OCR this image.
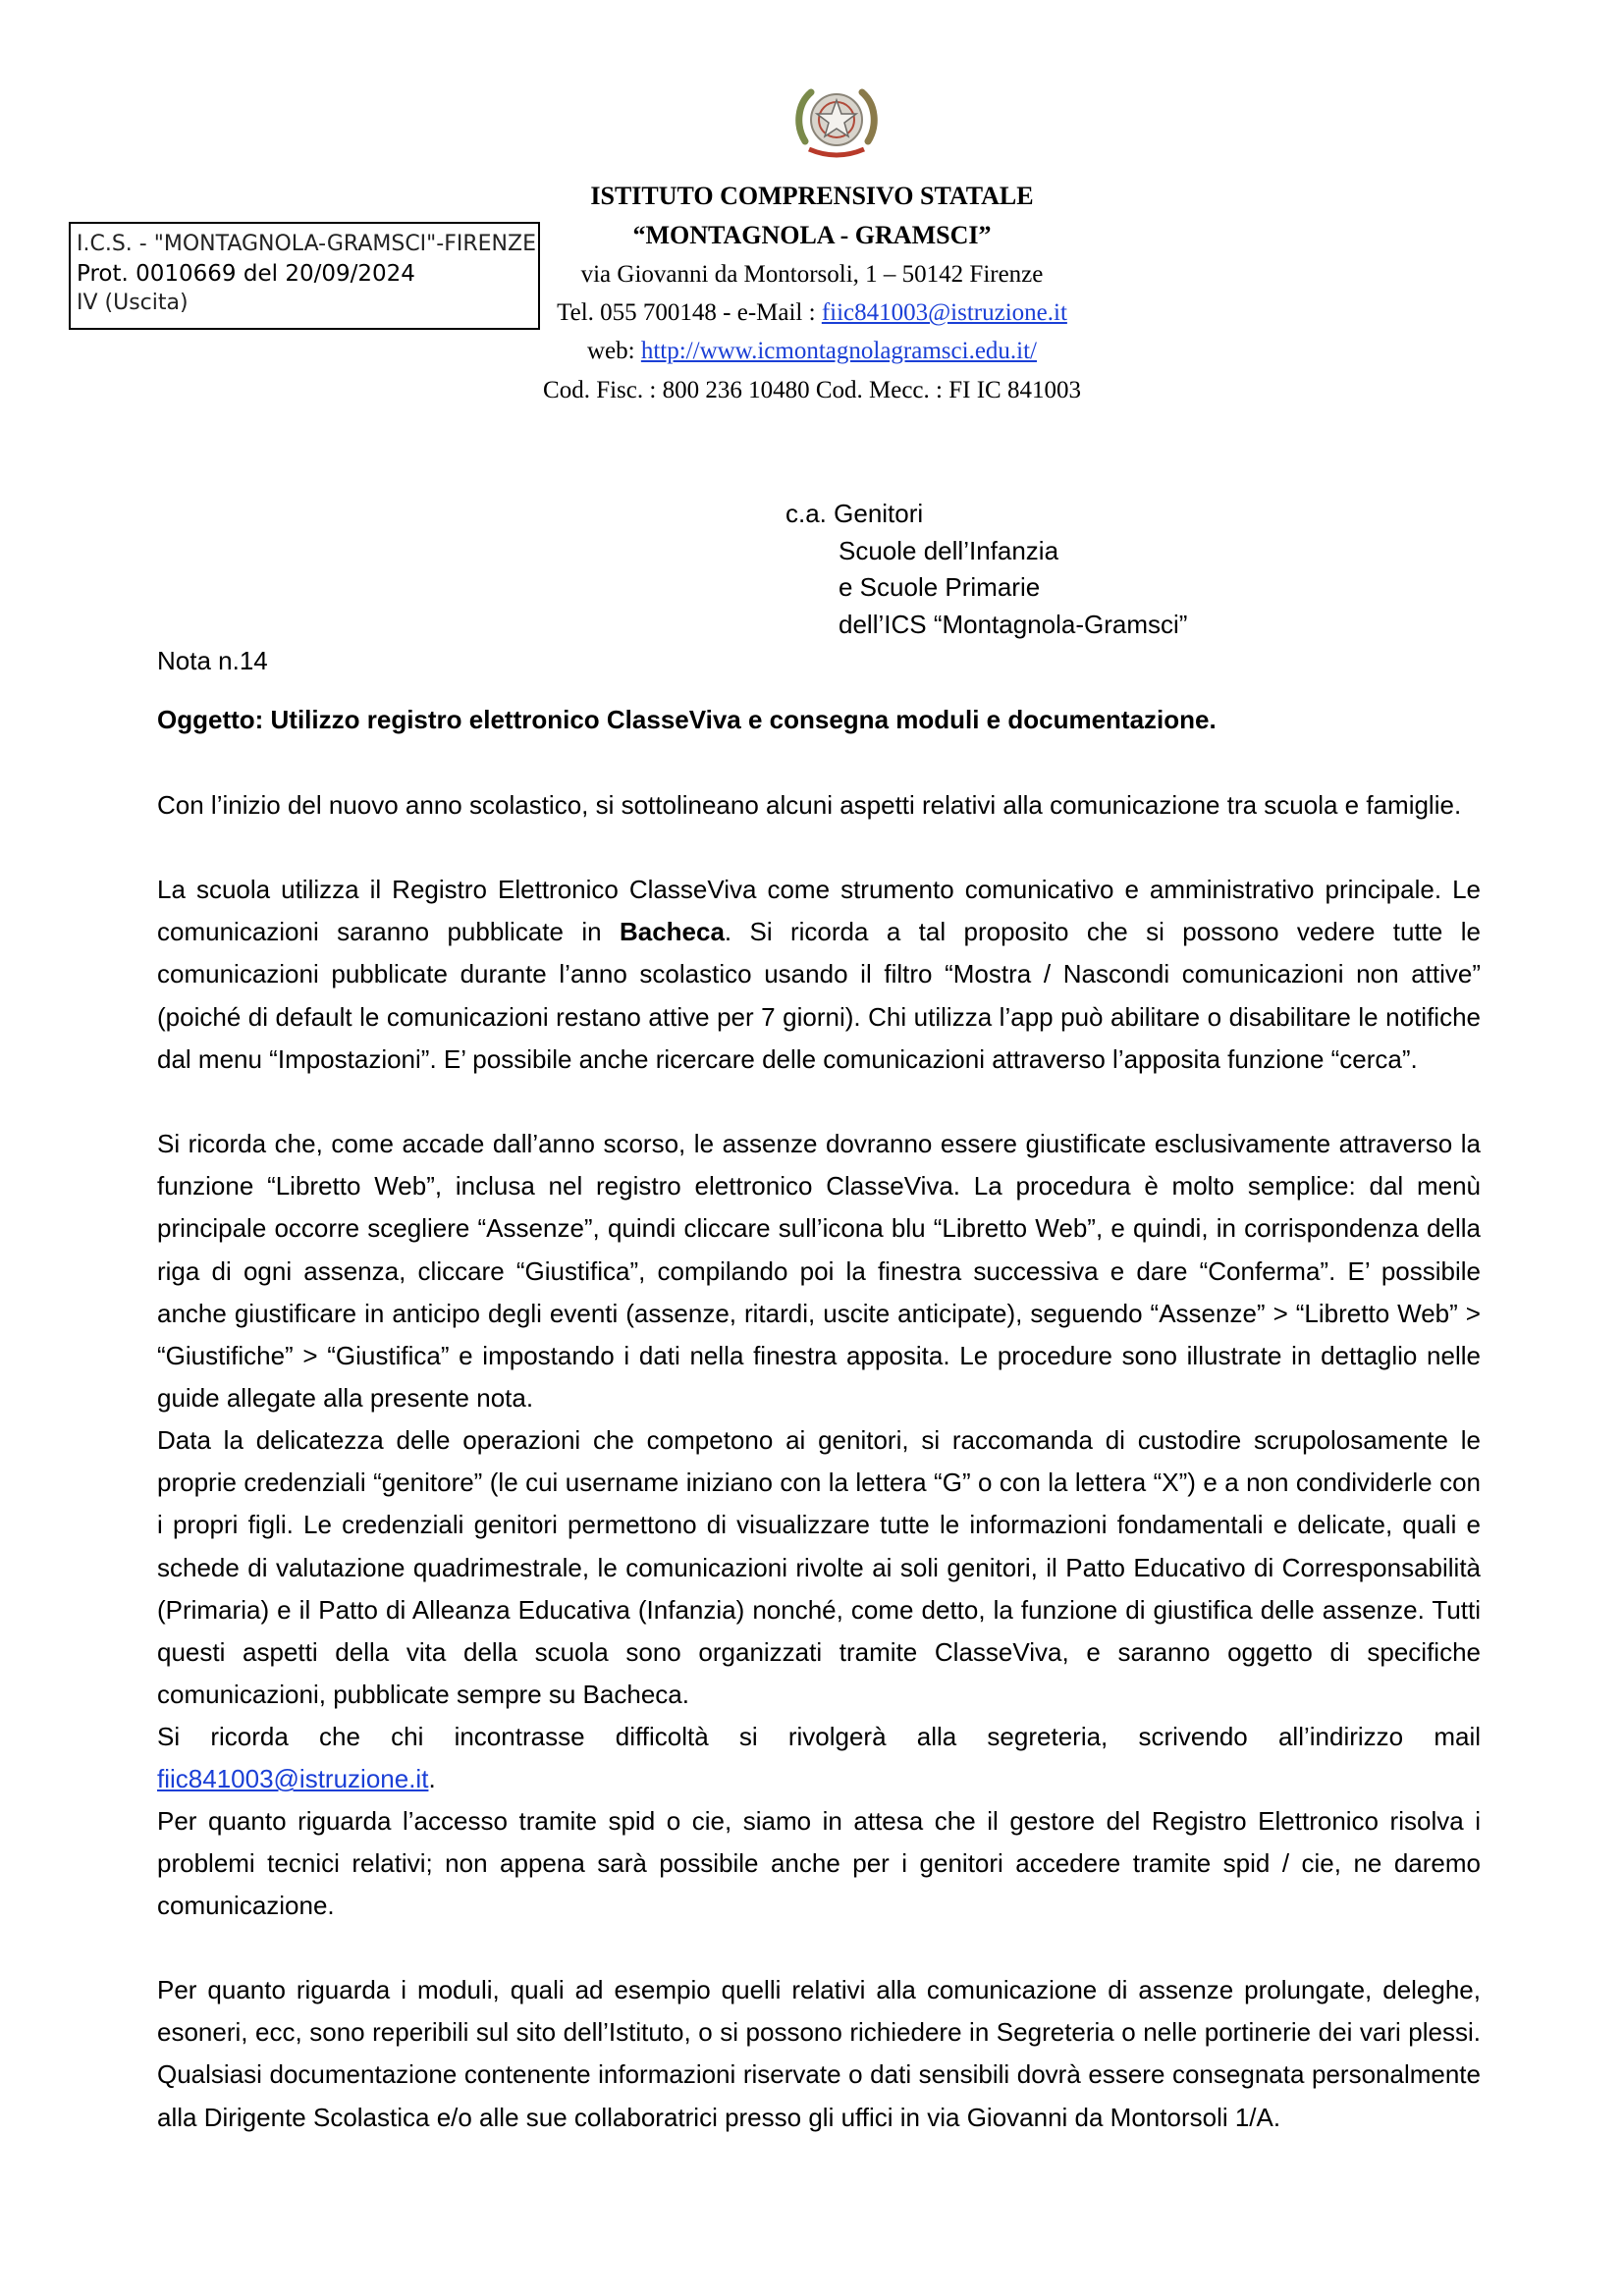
ISTITUTO COMPRENSIVO STATALE
“MONTAGNOLA - GRAMSCI”
via Giovanni da Montorsoli, 1 – 50142 Firenze
Tel. 055 700148 - e-Mail : fiic841003@istruzione.it
web: http://www.icmontagnolagramsci.edu.it/
Cod. Fisc. : 800 236 10480 Cod. Mecc. : FI IC 841003
I.C.S. - "MONTAGNOLA-GRAMSCI"-FIRENZE
Prot. 0010669 del 20/09/2024
IV (Uscita)
c.a. Genitori
Scuole dell’Infanzia
e Scuole Primarie
dell’ICS “Montagnola-Gramsci”
Nota n.14
Oggetto: Utilizzo registro elettronico ClasseViva e consegna moduli e documentazione.
Con l’inizio del nuovo anno scolastico, si sottolineano alcuni aspetti relativi alla comunicazione tra scuola e famiglie.
La scuola utilizza il Registro Elettronico ClasseViva come strumento comunicativo e amministrativo principale. Le comunicazioni saranno pubblicate in Bacheca. Si ricorda a tal proposito che si possono vedere tutte le comunicazioni pubblicate durante l’anno scolastico usando il filtro “Mostra / Nascondi comunicazioni non attive” (poiché di default le comunicazioni restano attive per 7 giorni). Chi utilizza l’app può abilitare o disabilitare le notifiche dal menu “Impostazioni”. E’ possibile anche ricercare delle comunicazioni attraverso l’apposita funzione “cerca”.
Si ricorda che, come accade dall’anno scorso, le assenze dovranno essere giustificate esclusivamente attraverso la funzione “Libretto Web”, inclusa nel registro elettronico ClasseViva. La procedura è molto semplice: dal menù principale occorre scegliere “Assenze”, quindi cliccare sull’icona blu “Libretto Web”, e quindi, in corrispondenza della riga di ogni assenza, cliccare “Giustifica”, compilando poi la finestra successiva e dare “Conferma”. E’ possibile anche giustificare in anticipo degli eventi (assenze, ritardi, uscite anticipate), seguendo “Assenze” > “Libretto Web” > “Giustifiche” > “Giustifica” e impostando i dati nella finestra apposita. Le procedure sono illustrate in dettaglio nelle guide allegate alla presente nota.
Data la delicatezza delle operazioni che competono ai genitori, si raccomanda di custodire scrupolosamente le proprie credenziali “genitore” (le cui username iniziano con la lettera “G” o con la lettera “X”) e a non condividerle con i propri figli. Le credenziali genitori permettono di visualizzare tutte le informazioni fondamentali e delicate, quali e schede di valutazione quadrimestrale, le comunicazioni rivolte ai soli genitori, il Patto Educativo di Corresponsabilità (Primaria) e il Patto di Alleanza Educativa (Infanzia) nonché, come detto, la funzione di giustifica delle assenze. Tutti questi aspetti della vita della scuola sono organizzati tramite ClasseViva, e saranno oggetto di specifiche comunicazioni, pubblicate sempre su Bacheca.
Si ricorda che chi incontrasse difficoltà si rivolgerà alla segreteria, scrivendo all’indirizzo mail fiic841003@istruzione.it.
Per quanto riguarda l’accesso tramite spid o cie, siamo in attesa che il gestore del Registro Elettronico risolva i problemi tecnici relativi; non appena sarà possibile anche per i genitori accedere tramite spid / cie, ne daremo comunicazione.
Per quanto riguarda i moduli, quali ad esempio quelli relativi alla comunicazione di assenze prolungate, deleghe, esoneri, ecc, sono reperibili sul sito dell’Istituto, o si possono richiedere in Segreteria o nelle portinerie dei vari plessi. Qualsiasi documentazione contenente informazioni riservate o dati sensibili dovrà essere consegnata personalmente alla Dirigente Scolastica e/o alle sue collaboratrici presso gli uffici in via Giovanni da Montorsoli 1/A.
